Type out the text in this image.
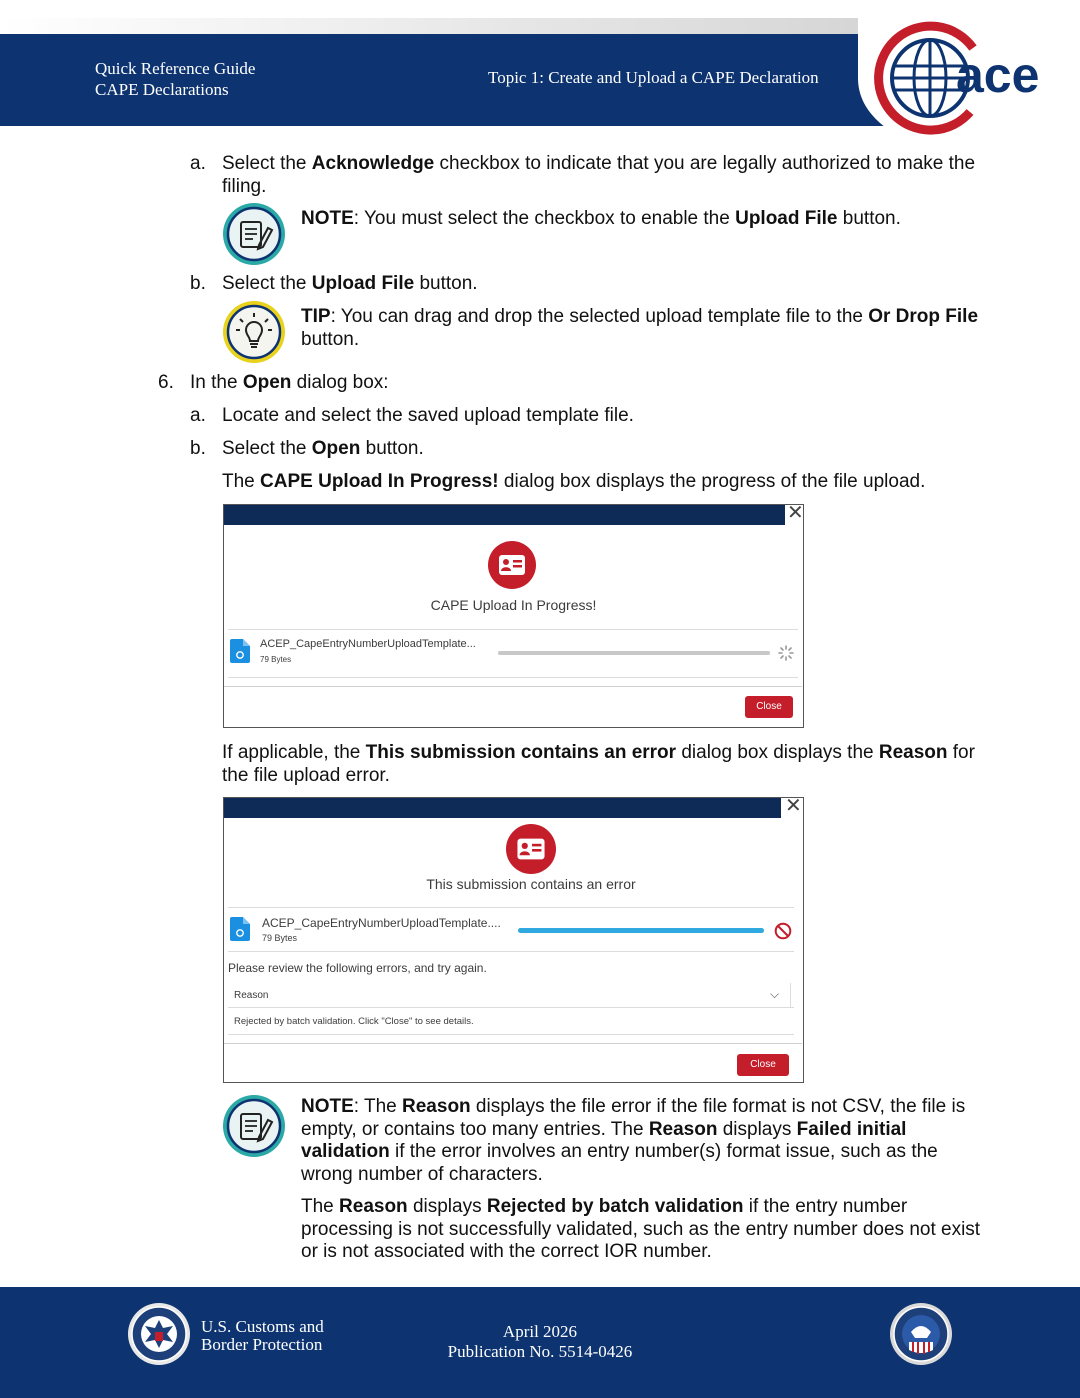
Quick Reference Guide
CAPE Declarations
Topic 1: Create and Upload a CAPE Declaration	ace
a. Select the Acknowledge checkbox to indicate that you are legally authorized to make the filing.
NOTE: You must select the checkbox to enable the Upload File button.
b. Select the Upload File button.
TIP: You can drag and drop the selected upload template file to the Or Drop File button.
6. In the Open dialog box:
a. Locate and select the saved upload template file.
b. Select the Open button.
The CAPE Upload In Progress! dialog box displays the progress of the file upload.
✕
CAPE Upload In Progress!
ACEP_CapeEntryNumberUploadTemplate...
79 Bytes
Close
If applicable, the This submission contains an error dialog box displays the Reason for the file upload error.
✕
This submission contains an error
ACEP_CapeEntryNumberUploadTemplate....
79 Bytes
Please review the following errors, and try again.
Reason	⌵
Rejected by batch validation. Click "Close" to see details.
Close
NOTE: The Reason displays the file error if the file format is not CSV, the file is empty, or contains too many entries. The Reason displays Failed initial validation if the error involves an entry number(s) format issue, such as the wrong number of characters.
The Reason displays Rejected by batch validation if the entry number processing is not successfully validated, such as the entry number does not exist or is not associated with the correct IOR number.
U.S. Customs and
Border Protection
April 2026
Publication No. 5514-0426
